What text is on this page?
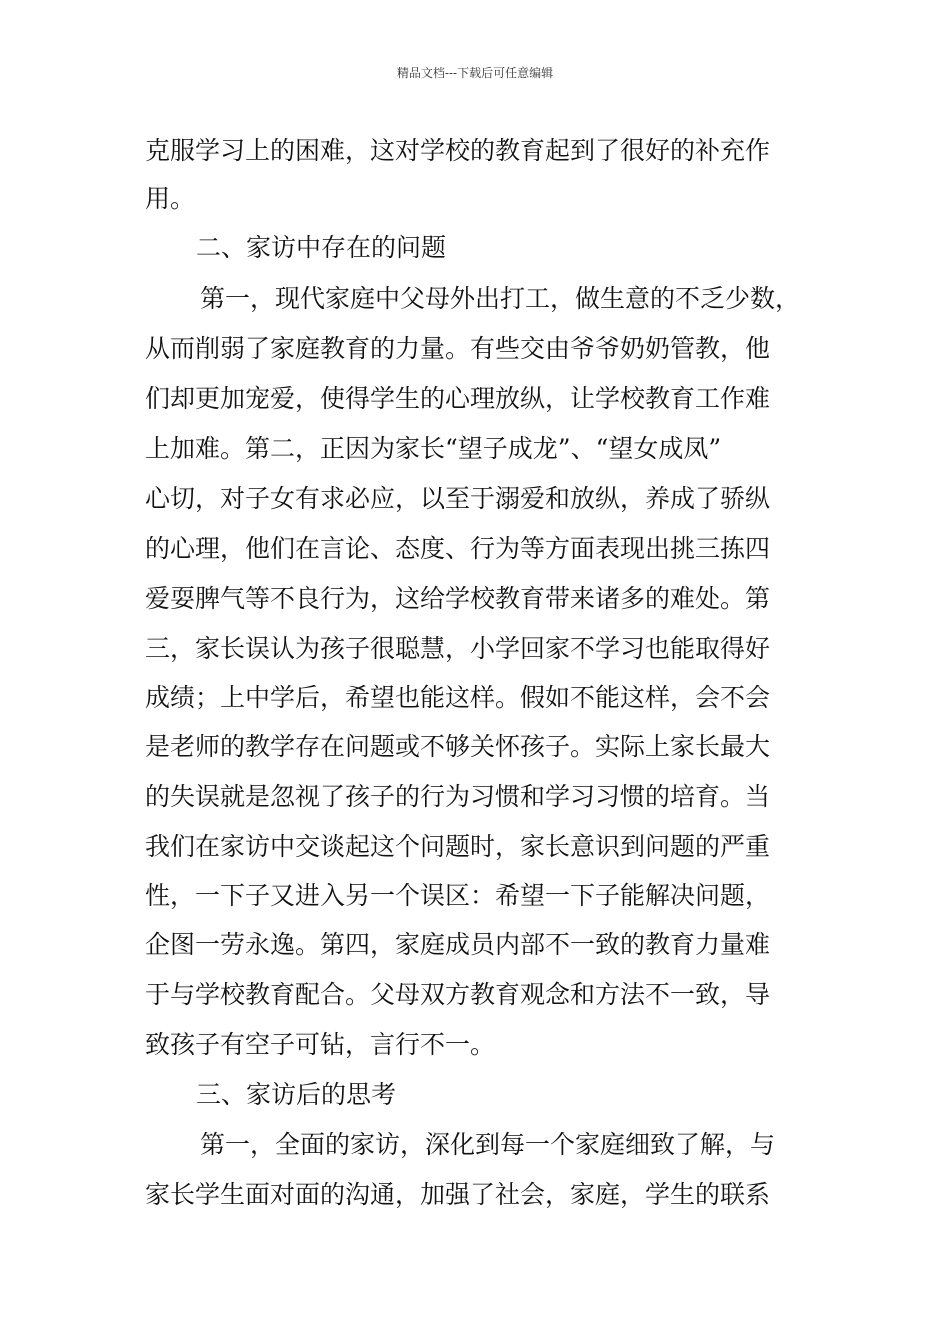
精品文档---下载后可任意编辑
克服学习上的困难，这对学校的教育起到了很好的补充作
用。
二、家访中存在的问题
第一，现代家庭中父母外出打工，做生意的不乏少数，
从而削弱了家庭教育的力量。有些交由爷爷奶奶管教，他
们却更加宠爱，使得学生的心理放纵，让学校教育工作难
上加难。第二，正因为家长“望子成龙”、“望女成凤”
心切，对子女有求必应，以至于溺爱和放纵，养成了骄纵
的心理，他们在言论、态度、行为等方面表现出挑三拣四
爱耍脾气等不良行为，这给学校教育带来诸多的难处。第
三，家长误认为孩子很聪慧，小学回家不学习也能取得好
成绩；上中学后，希望也能这样。假如不能这样，会不会
是老师的教学存在问题或不够关怀孩子。实际上家长最大
的失误就是忽视了孩子的行为习惯和学习习惯的培育。当
我们在家访中交谈起这个问题时，家长意识到问题的严重
性，一下子又进入另一个误区：希望一下子能解决问题，
企图一劳永逸。第四，家庭成员内部不一致的教育力量难
于与学校教育配合。父母双方教育观念和方法不一致，导
致孩子有空子可钻，言行不一。
三、家访后的思考
第一，全面的家访，深化到每一个家庭细致了解，与
家长学生面对面的沟通，加强了社会，家庭，学生的联系
